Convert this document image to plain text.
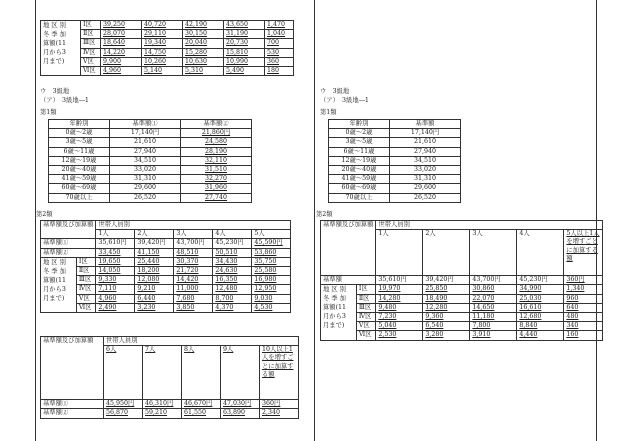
地 区 別
冬 季 加
算額(11
月から3
月まで)	Ⅰ区	39,250	40,720	42,190	43,650	1,470
	Ⅱ区	28,070	29,110	30,150	31,190	1,040
	Ⅲ区	18,640	19,340	20,040	20,730	700
	Ⅳ区	14,220	14,750	15,280	15,810	530
	Ⅴ区	9,900	10,260	10,630	10,990	360
	Ⅵ区	4,960	5,140	5,310	5,490	180
ウ　3級地
（ア）　3級地―1
第1類
年齢別	基準額①	基準額②
0歳～2歳	17,140円	21,860円
3歳～5歳	21,610	24,580
6歳～11歳	27,940	28,190
12歳～19歳	34,510	32,110
20歳～40歳	33,020	31,510
41歳～59歳	31,310	32,270
60歳～69歳	29,600	31,960
70歳以上	26,520	27,740
第2類
基準額及び加算額		世帯人員別				
		1人	2人	3人	4人	5人
基準額①		35,610円	39,420円	43,700円	45,230円	45,590円
基準額②		33,450	41,150	48,510	50,510	53,860

地 区 別
冬 季 加
算額(11
月から3
月まで)	Ⅰ区	19,650	25,440	30,370	34,430	35,750
	Ⅱ区	14,050	18,200	21,720	24,630	25,580
	Ⅲ区	9,330	12,080	14,420	16,350	16,980
	Ⅳ区	7,110	9,210	11,000	12,480	12,950
	Ⅴ区	4,960	6,440	7,680	8,700	9,030
	Ⅵ区	2,490	3,230	3,850	4,370	4,530
基準額及び加算額	世帯人員別				
	6人	7人	8人	9人	10人以上1人を増すごとに加算する額
基準額①	45,950円	46,310円	46,670円	47,030円	360円
基準額②	56,870	59,210	61,550	63,890	2,340
ウ　3級地
（ア）　3級地―1
第1類
年齢別	基準額
0歳～2歳	17,140円
3歳～5歳	21,610
6歳～11歳	27,940
12歳～19歳	34,510
20歳～40歳	33,020
41歳～59歳	31,310
60歳～69歳	29,600
70歳以上	26,520
第2類
基準額及び加算額		世帯人員別				
		1人	2人	3人	4人	5人以上1人を増すごとに加算する額
基準額		35,610円	39,420円	43,700円	45,230円	360円

地 区 別
冬 季 加
算額(11
月から3
月まで)	Ⅰ区	19,970	25,850	30,860	34,990	1,340
	Ⅱ区	14,280	18,490	22,070	25,030	960
	Ⅲ区	9,480	12,280	14,650	16,610	640
	Ⅳ区	7,230	9,360	11,180	12,680	480
	Ⅴ区	5,040	6,540	7,800	8,840	340
	Ⅵ区	2,530	3,280	3,910	4,440	160
